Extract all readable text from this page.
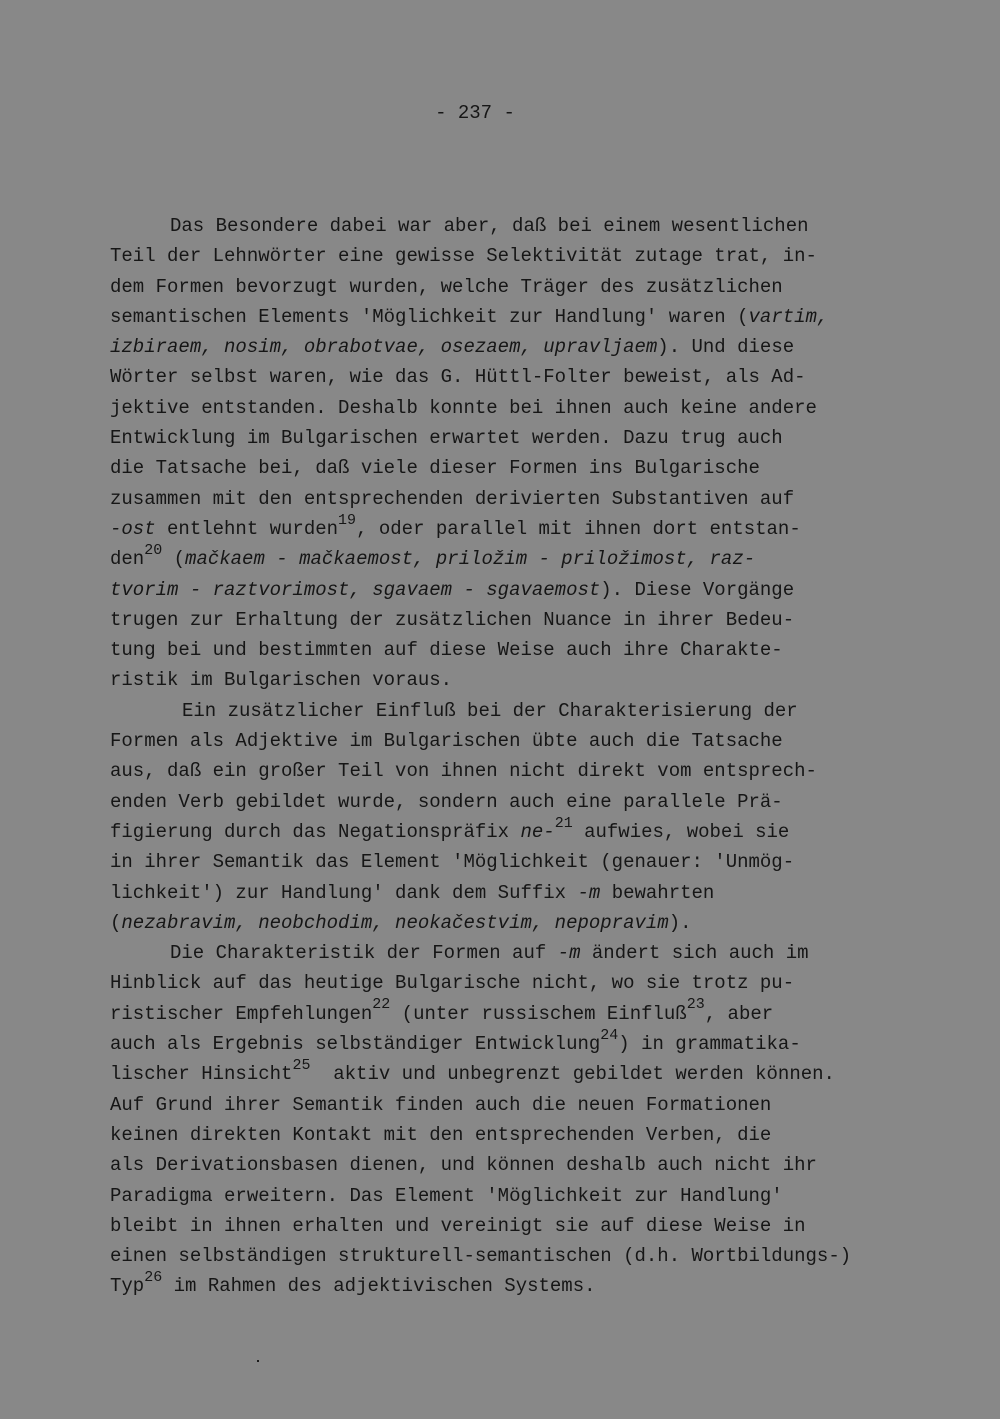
- 237 -
Das Besondere dabei war aber, daß bei einem wesentlichen
Teil der Lehnwörter eine gewisse Selektivität zutage trat, in-
dem Formen bevorzugt wurden, welche Träger des zusätzlichen
semantischen Elements 'Möglichkeit zur Handlung' waren (vartim,
izbiraem, nosim, obrabotvae, osezaem, upravljaem). Und diese
Wörter selbst waren, wie das G. Hüttl-Folter beweist, als Ad-
jektive entstanden. Deshalb konnte bei ihnen auch keine andere
Entwicklung im Bulgarischen erwartet werden. Dazu trug auch
die Tatsache bei, daß viele dieser Formen ins Bulgarische
zusammen mit den entsprechenden derivierten Substantiven auf
-ost entlehnt wurden$^{19}$, oder parallel mit ihnen dort entstan-
den$^{20}$ (mačkaem - mačkaemost, priložim - priložimost, raz-
tvorim - raztvorimost, sgavaem - sgavaemost). Diese Vorgänge
trugen zur Erhaltung der zusätzlichen Nuance in ihrer Bedeu-
tung bei und bestimmten auf diese Weise auch ihre Charakte-
ristik im Bulgarischen voraus.
Ein zusätzlicher Einfluß bei der Charakterisierung der
Formen als Adjektive im Bulgarischen übte auch die Tatsache
aus, daß ein großer Teil von ihnen nicht direkt vom entsprech-
enden Verb gebildet wurde, sondern auch eine parallele Prä-
figierung durch das Negationspräfix ne-$^{21}$ aufwies, wobei sie
in ihrer Semantik das Element 'Möglichkeit (genauer: 'Unmög-
lichkeit') zur Handlung' dank dem Suffix -m bewahrten
(nezabravim, neobchodim, neokačestvim, nepopravim).
Die Charakteristik der Formen auf -m ändert sich auch im
Hinblick auf das heutige Bulgarische nicht, wo sie trotz pu-
ristischer Empfehlungen$^{22}$ (unter russischem Einfluß$^{23}$, aber
auch als Ergebnis selbständiger Entwicklung$^{24}$) in grammatika-
lischer Hinsicht$^{25}$  aktiv und unbegrenzt gebildet werden können.
Auf Grund ihrer Semantik finden auch die neuen Formationen
keinen direkten Kontakt mit den entsprechenden Verben, die
als Derivationsbasen dienen, und können deshalb auch nicht ihr
Paradigma erweitern. Das Element 'Möglichkeit zur Handlung'
bleibt in ihnen erhalten und vereinigt sie auf diese Weise in
einen selbständigen strukturell-semantischen (d.h. Wortbildungs-)
Typ$^{26}$ im Rahmen des adjektivischen Systems.
